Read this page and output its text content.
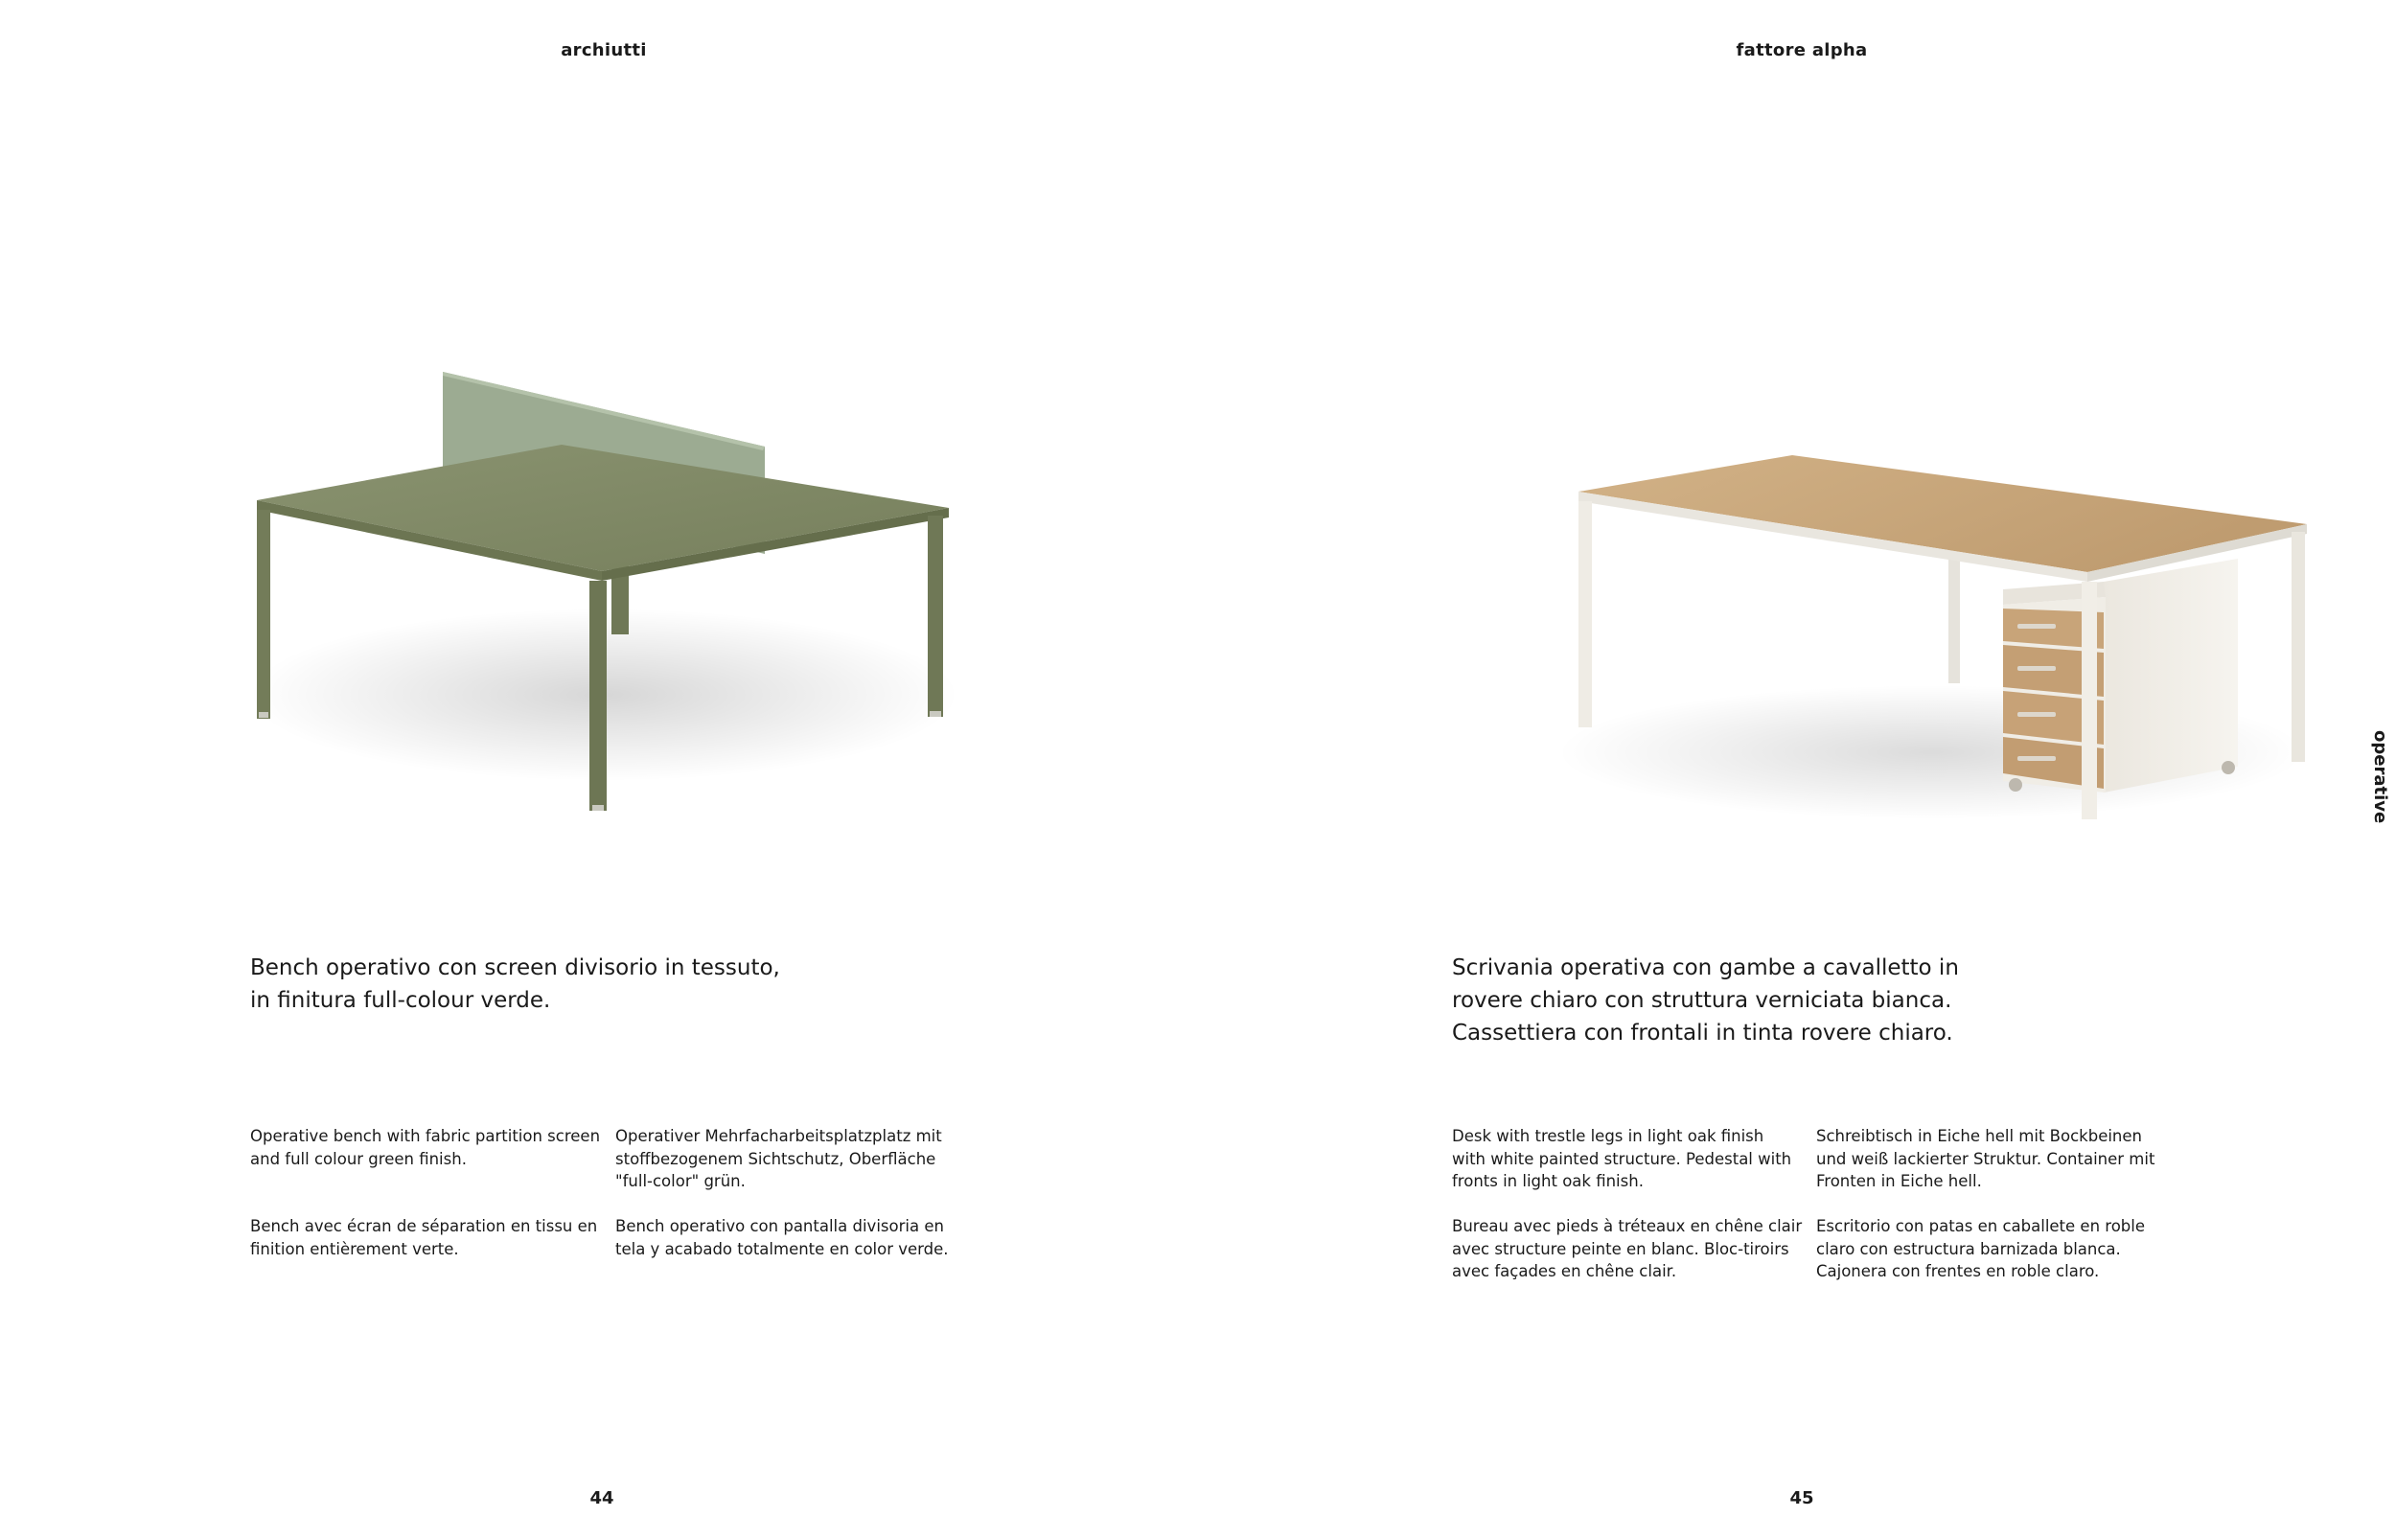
archiutti

Bench operativo con screen divisorio in tessuto,
in finitura full-colour verde.

Operative bench with fabric partition screen
and full colour green finish.

Operativer Mehrfacharbeitsplatzplatz mit
stoffbezogenem Sichtschutz, Oberfläche
"full-color" grün.

Bench avec écran de séparation en tissu en
finition entièrement verte.

Bench operativo con pantalla divisoria en
tela y acabado totalmente en color verde.

44
fattore alpha

Scrivania operativa con gambe a cavalletto in
rovere chiaro con struttura verniciata bianca.
Cassettiera con frontali in tinta rovere chiaro.

Desk with trestle legs in light oak finish
with white painted structure. Pedestal with
fronts in light oak finish.

Schreibtisch in Eiche hell mit Bockbeinen
und weiß lackierter Struktur. Container mit
Fronten in Eiche hell.

Bureau avec pieds à tréteaux en chêne clair
avec structure peinte en blanc. Bloc-tiroirs
avec façades en chêne clair.

Escritorio con patas en caballete en roble
claro con estructura barnizada blanca.
Cajonera con frentes en roble claro.

45
operative
